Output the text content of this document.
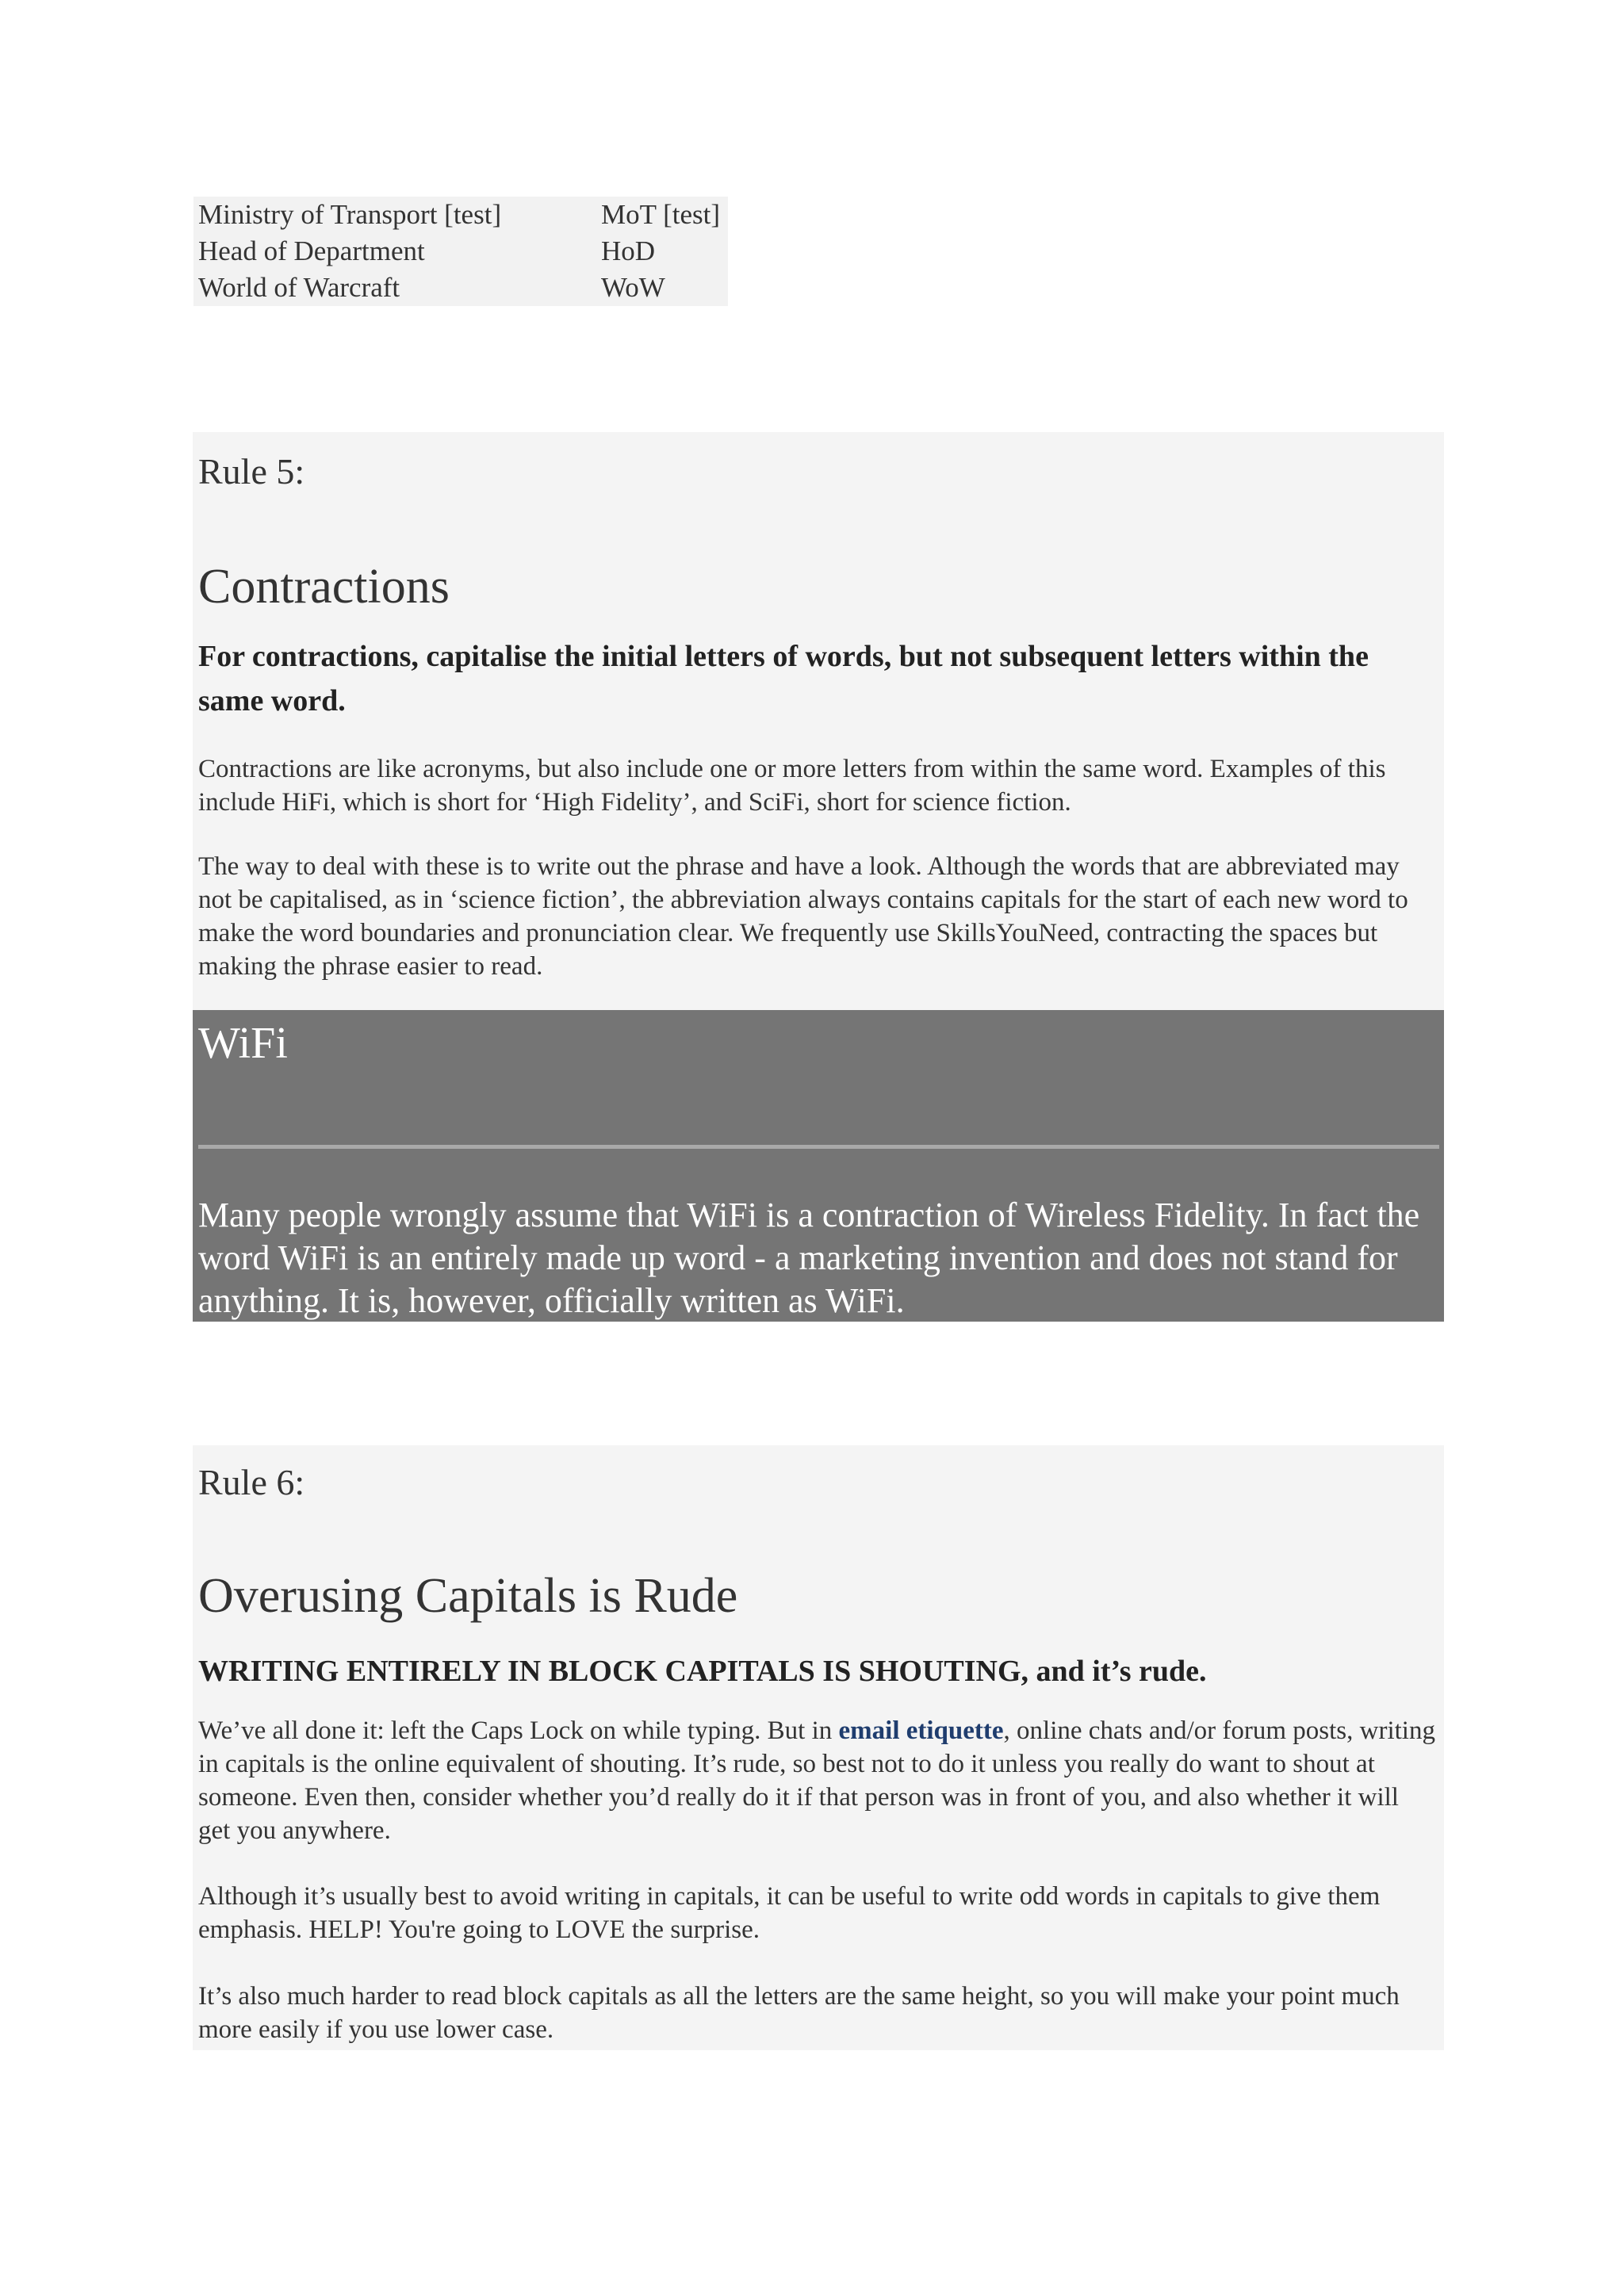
Ministry of Transport [test]	MoT [test]
Head of Department	HoD
World of Warcraft	WoW

Rule 5:

Contractions

For contractions, capitalise the initial letters of words, but not subsequent letters within the same word.

Contractions are like acronyms, but also include one or more letters from within the same word. Examples of this include HiFi, which is short for ‘High Fidelity’, and SciFi, short for science fiction.

The way to deal with these is to write out the phrase and have a look. Although the words that are abbreviated may not be capitalised, as in ‘science fiction’, the abbreviation always contains capitals for the start of each new word to make the word boundaries and pronunciation clear. We frequently use SkillsYouNeed, contracting the spaces but making the phrase easier to read.

WiFi

Many people wrongly assume that WiFi is a contraction of Wireless Fidelity. In fact the word WiFi is an entirely made up word - a marketing invention and does not stand for anything. It is, however, officially written as WiFi.

Rule 6:

Overusing Capitals is Rude

WRITING ENTIRELY IN BLOCK CAPITALS IS SHOUTING, and it’s rude.

We’ve all done it: left the Caps Lock on while typing. But in email etiquette, online chats and/or forum posts, writing in capitals is the online equivalent of shouting. It’s rude, so best not to do it unless you really do want to shout at someone. Even then, consider whether you’d really do it if that person was in front of you, and also whether it will get you anywhere.

Although it’s usually best to avoid writing in capitals, it can be useful to write odd words in capitals to give them emphasis. HELP! You're going to LOVE the surprise.

It’s also much harder to read block capitals as all the letters are the same height, so you will make your point much more easily if you use lower case.
